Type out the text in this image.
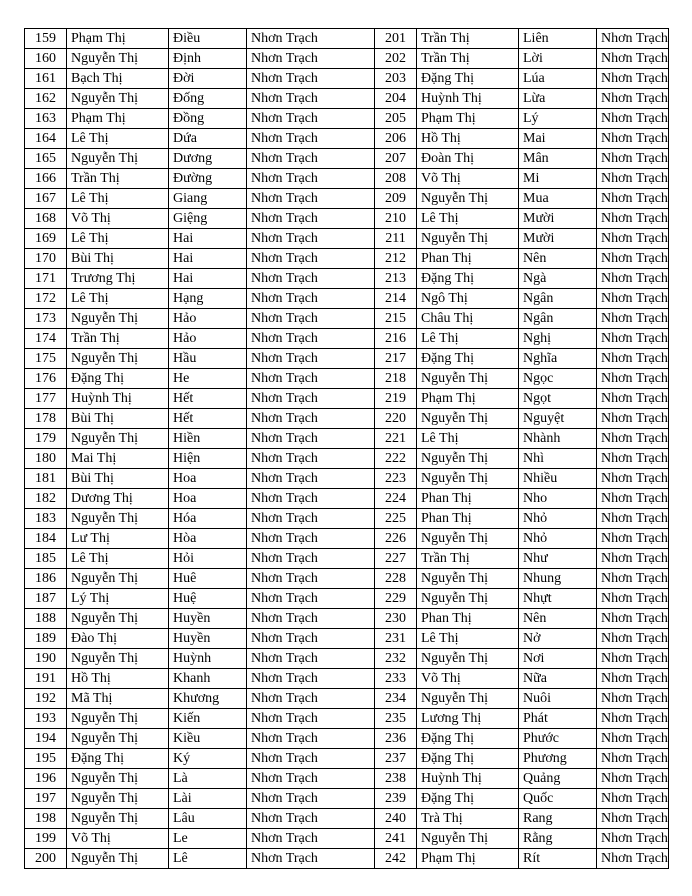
159	Phạm Thị	Điều	Nhơn Trạch	201	Trần Thị	Liên	Nhơn Trạch
160	Nguyễn Thị	Định	Nhơn Trạch	202	Trần Thị	Lời	Nhơn Trạch
161	Bạch Thị	Đời	Nhơn Trạch	203	Đặng Thị	Lúa	Nhơn Trạch
162	Nguyễn Thị	Đống	Nhơn Trạch	204	Huỳnh Thị	Lừa	Nhơn Trạch
163	Phạm Thị	Đồng	Nhơn Trạch	205	Phạm Thị	Lý	Nhơn Trạch
164	Lê Thị	Dứa	Nhơn Trạch	206	Hồ Thị	Mai	Nhơn Trạch
165	Nguyễn Thị	Dương	Nhơn Trạch	207	Đoàn Thị	Mân	Nhơn Trạch
166	Trần Thị	Đường	Nhơn Trạch	208	Võ Thị	Mi	Nhơn Trạch
167	Lê Thị	Giang	Nhơn Trạch	209	Nguyễn Thị	Mua	Nhơn Trạch
168	Võ Thị	Giệng	Nhơn Trạch	210	Lê Thị	Mười	Nhơn Trạch
169	Lê Thị	Hai	Nhơn Trạch	211	Nguyễn Thị	Mười	Nhơn Trạch
170	Bùi Thị	Hai	Nhơn Trạch	212	Phan Thị	Nên	Nhơn Trạch
171	Trương Thị	Hai	Nhơn Trạch	213	Đặng Thị	Ngà	Nhơn Trạch
172	Lê Thị	Hạng	Nhơn Trạch	214	Ngô Thị	Ngân	Nhơn Trạch
173	Nguyễn Thị	Hảo	Nhơn Trạch	215	Châu Thị	Ngân	Nhơn Trạch
174	Trần Thị	Hảo	Nhơn Trạch	216	Lê Thị	Nghị	Nhơn Trạch
175	Nguyễn Thị	Hầu	Nhơn Trạch	217	Đặng Thị	Nghĩa	Nhơn Trạch
176	Đặng Thị	He	Nhơn Trạch	218	Nguyễn Thị	Ngọc	Nhơn Trạch
177	Huỳnh Thị	Hết	Nhơn Trạch	219	Phạm Thị	Ngọt	Nhơn Trạch
178	Bùi Thị	Hết	Nhơn Trạch	220	Nguyễn Thị	Nguyệt	Nhơn Trạch
179	Nguyễn Thị	Hiền	Nhơn Trạch	221	Lê Thị	Nhành	Nhơn Trạch
180	Mai Thị	Hiện	Nhơn Trạch	222	Nguyễn Thị	Nhì	Nhơn Trạch
181	Bùi Thị	Hoa	Nhơn Trạch	223	Nguyễn Thị	Nhiều	Nhơn Trạch
182	Dương Thị	Hoa	Nhơn Trạch	224	Phan Thị	Nho	Nhơn Trạch
183	Nguyễn Thị	Hóa	Nhơn Trạch	225	Phan Thị	Nhỏ	Nhơn Trạch
184	Lư Thị	Hòa	Nhơn Trạch	226	Nguyễn Thị	Nhỏ	Nhơn Trạch
185	Lê Thị	Hỏi	Nhơn Trạch	227	Trần Thị	Như	Nhơn Trạch
186	Nguyễn Thị	Huê	Nhơn Trạch	228	Nguyễn Thị	Nhung	Nhơn Trạch
187	Lý Thị	Huệ	Nhơn Trạch	229	Nguyễn Thị	Nhựt	Nhơn Trạch
188	Nguyễn Thị	Huyền	Nhơn Trạch	230	Phan Thị	Nên	Nhơn Trạch
189	Đào Thị	Huyền	Nhơn Trạch	231	Lê Thị	Nở	Nhơn Trạch
190	Nguyễn Thị	Huỳnh	Nhơn Trạch	232	Nguyễn Thị	Nơi	Nhơn Trạch
191	Hồ Thị	Khanh	Nhơn Trạch	233	Võ Thị	Nữa	Nhơn Trạch
192	Mã Thị	Khương	Nhơn Trạch	234	Nguyễn Thị	Nuôi	Nhơn Trạch
193	Nguyễn Thị	Kiến	Nhơn Trạch	235	Lương Thị	Phát	Nhơn Trạch
194	Nguyễn Thị	Kiều	Nhơn Trạch	236	Đặng Thị	Phước	Nhơn Trạch
195	Đặng Thị	Ký	Nhơn Trạch	237	Đặng Thị	Phương	Nhơn Trạch
196	Nguyễn Thị	Là	Nhơn Trạch	238	Huỳnh Thị	Quảng	Nhơn Trạch
197	Nguyễn Thị	Lài	Nhơn Trạch	239	Đặng Thị	Quốc	Nhơn Trạch
198	Nguyễn Thị	Lâu	Nhơn Trạch	240	Trà Thị	Rang	Nhơn Trạch
199	Võ Thị	Le	Nhơn Trạch	241	Nguyễn Thị	Rằng	Nhơn Trạch
200	Nguyễn Thị	Lê	Nhơn Trạch	242	Phạm Thị	Rít	Nhơn Trạch
